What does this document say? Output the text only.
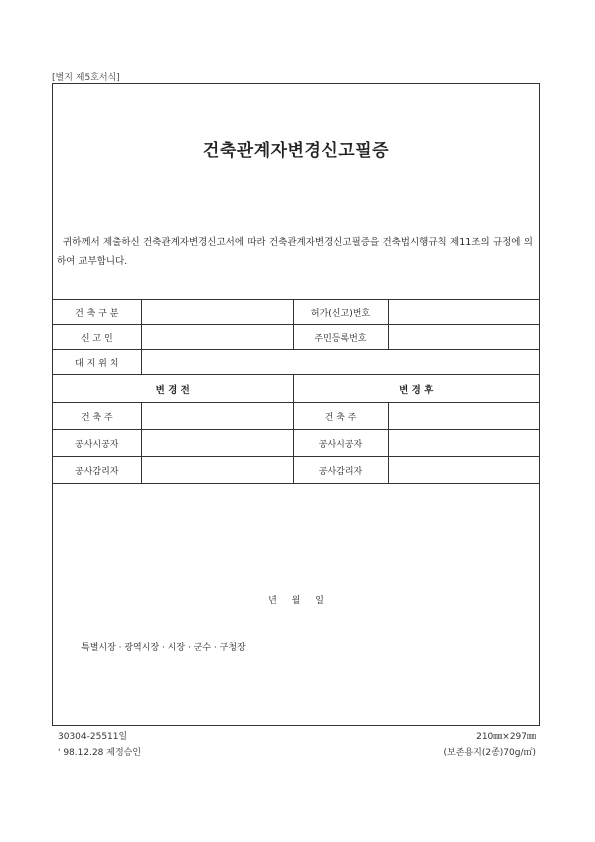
[별지 제5호서식]
건축관계자변경신고필증

귀하께서 제출하신 건축관계자변경신고서에 따라 건축관계자변경신고필증을 건축법시행규칙 제11조의 규정에 의하여 교부합니다.

건 축 구 분		허가(신고)번호	
신 고 인		주민등록번호	
대 지 위 치			
변 경 전		변 경 후	
건 축 주		건 축 주	
공사시공자		공사시공자	
공사감리자		공사감리자	
년 월 일
특별시장 · 광역시장 · 시장 · 군수 · 구청장
30304-25511일
' 98.12.28 제정승인
210㎜×297㎜
(보존용지(2종)70g/㎡)
